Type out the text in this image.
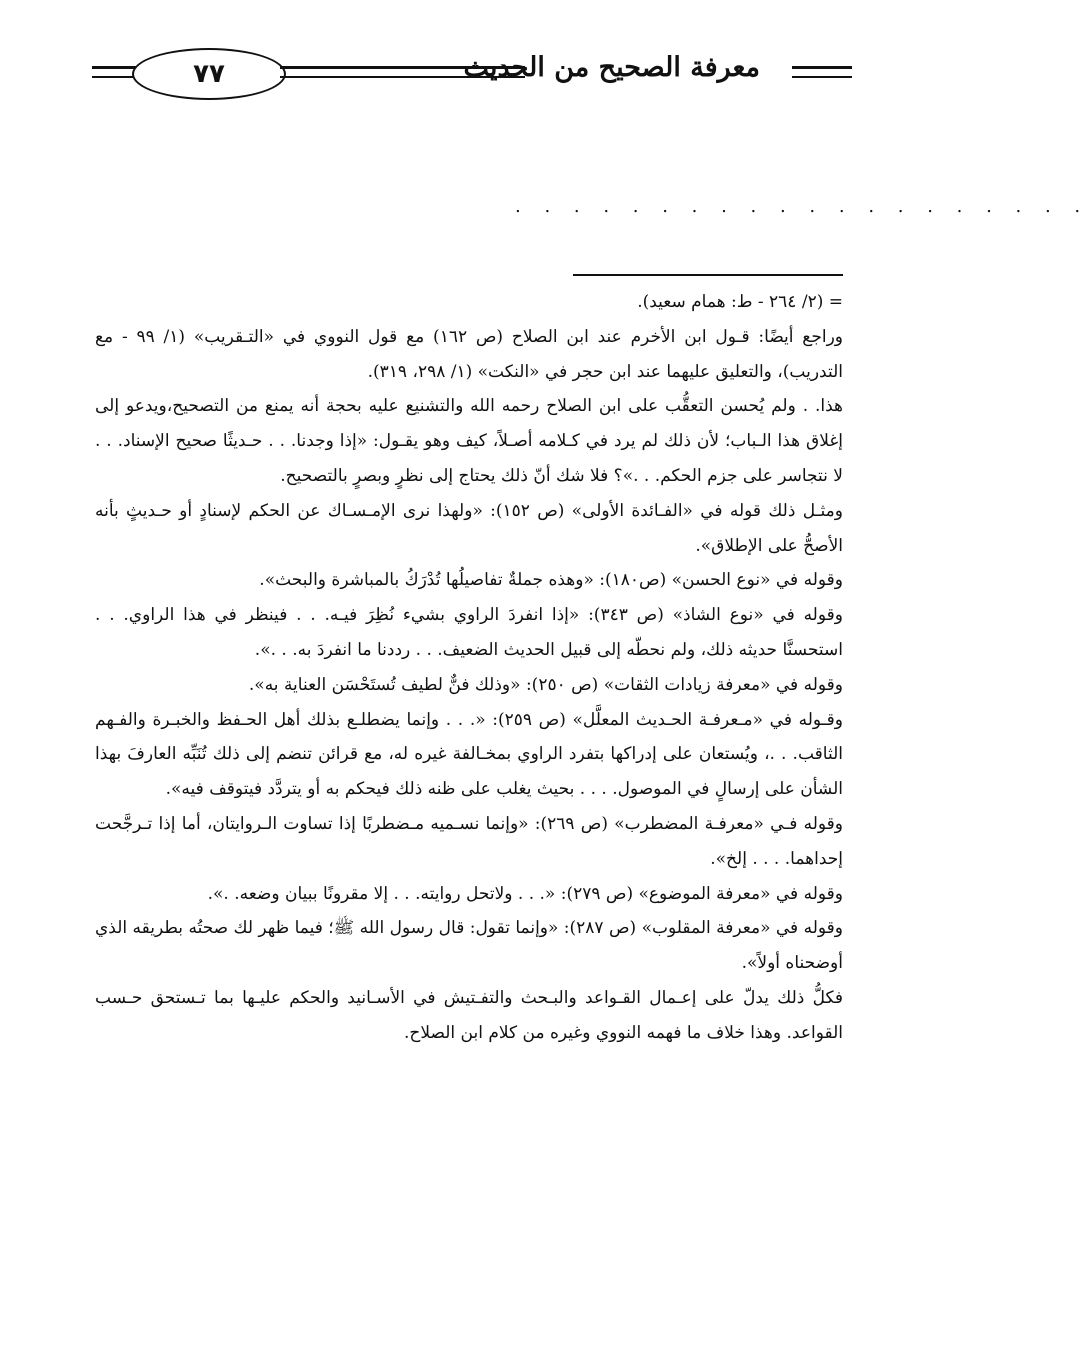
٧٧	معرفة الصحيح من الحديث
. . . . . . . . . . . . . . . . . . . .

= (٢/ ٢٦٤ - ط: همام سعيد).

وراجع أيضًا: قـول ابن الأخرم عند ابن الصلاح (ص ١٦٢) مع قول النووي في «التـقريب» (١/ ٩٩ - مع التدريب)، والتعليق عليهما عند ابن حجر في «النكت» (١/ ٢٩٨، ٣١٩).

هذا. . ولم يُحسن التعقُّب على ابن الصلاح رحمه الله والتشنيع عليه بحجة أنه يمنع من التصحيح،ويدعو إلى إغلاق هذا الـباب؛ لأن ذلك لم يرد في كـلامه أصـلاً، كيف وهو يقـول: «إذا وجدنا. . . حـديثًا صحيح الإسناد. . . لا نتجاسر على جزم الحكم. . .»؟ فلا شك أنّ ذلك يحتاج إلى نظرٍ وبصرٍ بالتصحيح.

ومثـل ذلك قوله في «الفـائدة الأولى» (ص ١٥٢): «ولهذا نرى الإمـسـاك عن الحكم لإسنادٍ أو حـديثٍ بأنه الأصحُّ على الإطلاق».

وقوله في «نوع الحسن» (ص١٨٠): «وهذه جملةٌ تفاصيلُها تُدْرَكُ بالمباشرة والبحث».

وقوله في «نوع الشاذ» (ص ٣٤٣): «إذا انفردَ الراوي بشيء نُظِرَ فيـه. . . فينظر في هذا الراوي. . . استحسنَّا حديثه ذلك، ولم نحطّه إلى قبيل الحديث الضعيف. . . رددنا ما انفردَ به. . .».

وقوله في «معرفة زيادات الثقات» (ص ٢٥٠): «وذلك فنٌّ لطيف تُستَحْسَن العناية به».

وقـوله في «مـعرفـة الحـديث المعلَّل» (ص ٢٥٩): «. . . وإنما يضطلـع بذلك أهل الحـفظ والخبـرة والفـهم الثاقب. . .، ويُستعان على إدراكها بتفرد الراوي بمخـالفة غيره له، مع قرائن تنضم إلى ذلك تُنَبِّه العارفَ بهذا الشأن على إرسالٍ في الموصول. . . . بحيث يغلب على ظنه ذلك فيحكم به أو يتردَّد فيتوقف فيه».

وقوله فـي «معرفـة المضطرب» (ص ٢٦٩): «وإنما نسـميه مـضطربًا إذا تساوت الـروايتان، أما إذا تـرجَّحت إحداهما. . . . إلخ».

وقوله في «معرفة الموضوع» (ص ٢٧٩): «. . . ولاتحل روايته. . . إلا مقرونًا ببيان وضعه. .».

وقوله في «معرفة المقلوب» (ص ٢٨٧): «وإنما تقول: قال رسول الله ﷺ؛ فيما ظهر لك صحتُه بطريقه الذي أوضحناه أولاً».

فكلُّ ذلك يدلّ على إعـمال القـواعد والبـحث والتفـتيش في الأسـانيد والحكم عليـها بما تـستحق حـسب القواعد. وهذا خلاف ما فهمه النووي وغيره من كلام ابن الصلاح.
